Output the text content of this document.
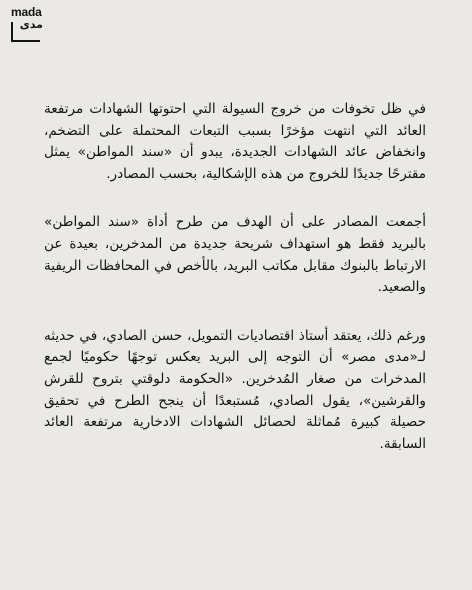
mada
مدى

في ظل تخوفات من خروج السيولة التي احتوتها الشهادات مرتفعة العائد التي انتهت مؤخرًا بسبب التبعات المحتملة على التضخم، وانخفاض عائد الشهادات الجديدة، يبدو أن «سند المواطن» يمثل مقترحًا جديدًا للخروج من هذه الإشكالية، بحسب المصادر.

أجمعت المصادر على أن الهدف من طرح أداة «سند المواطن» بالبريد فقط هو استهداف شريحة جديدة من المدخرين، بعيدة عن الارتباط بالبنوك مقابل مكاتب البريد، بالأخص في المحافظات الريفية والصعيد.

ورغم ذلك، يعتقد أستاذ اقتصاديات التمويل، حسن الصادي، في حديثه لـ«مدى مصر» أن التوجه إلى البريد يعكس توجهًا حكوميًا لجمع المدخرات من صغار المُدخرين. «الحكومة دلوقتي بتروح للقرش والقرشين»، يقول الصادي، مُستبعدًا أن ينجح الطرح في تحقيق حصيلة كبيرة مُماثلة لحصائل الشهادات الادخارية مرتفعة العائد السابقة.
